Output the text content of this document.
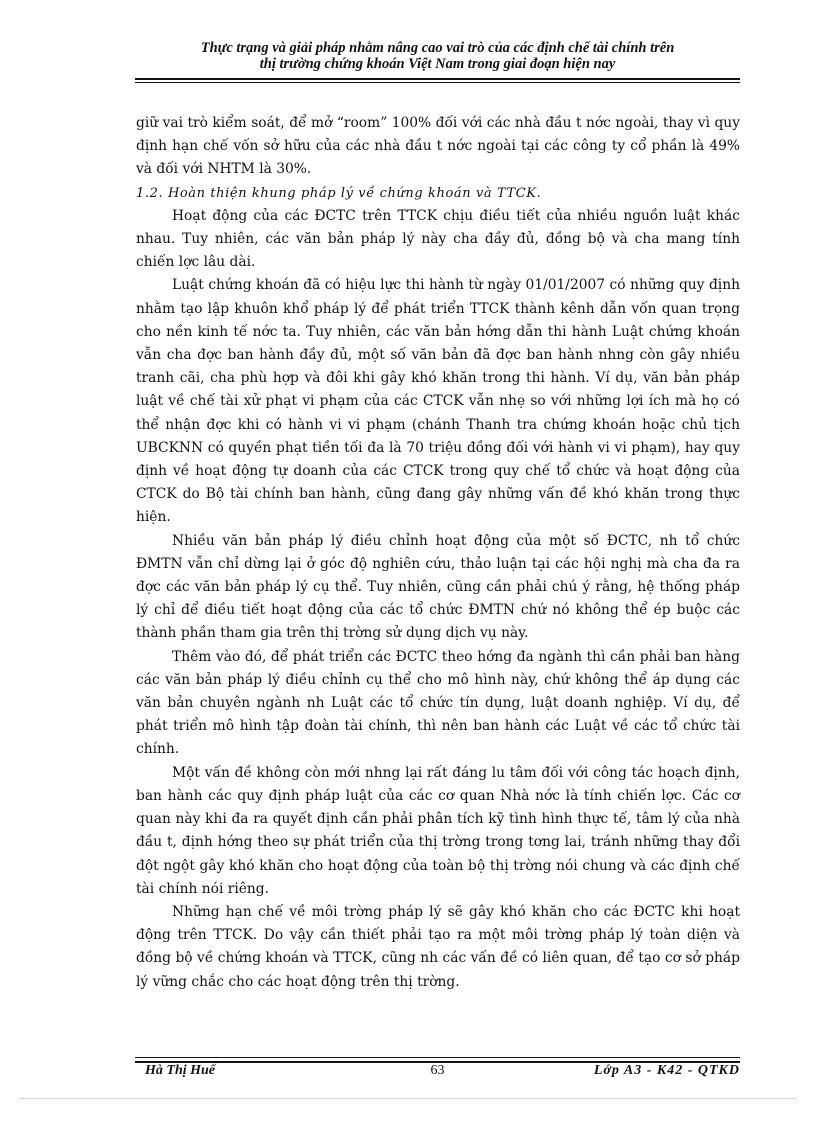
Thực trạng và giải pháp nhằm nâng cao vai trò của các định chế tài chính trên
thị trường chứng khoán Việt Nam trong giai đoạn hiện nay

giữ vai trò kiểm soát, để mở “room” 100% đối với các nhà đầu t nớc ngoài, thay vì quy định hạn chế vốn sở hữu của các nhà đầu t nớc ngoài tại các công ty cổ phần là 49% và đối với NHTM là 30%.

1.2. Hoàn thiện khung pháp lý về chứng khoán và TTCK.

Hoạt động của các ĐCTC trên TTCK chịu điều tiết của nhiều nguồn luật khác nhau. Tuy nhiên, các văn bản pháp lý này cha đầy đủ, đồng bộ và cha mang tính chiến lợc lâu dài.

Luật chứng khoán đã có hiệu lực thi hành từ ngày 01/01/2007 có những quy định nhằm tạo lập khuôn khổ pháp lý để phát triển TTCK thành kênh dẫn vốn quan trọng cho nền kinh tế nớc ta. Tuy nhiên, các văn bản hớng dẫn thi hành Luật chứng khoán vẫn cha đợc ban hành đầy đủ, một số văn bản đã đợc ban hành nhng còn gây nhiều tranh cãi, cha phù hợp và đôi khi gây khó khăn trong thi hành. Ví dụ, văn bản pháp luật về chế tài xử phạt vi phạm của các CTCK vẫn nhẹ so với những lợi ích mà họ có thể nhận đợc khi có hành vi vi phạm (chánh Thanh tra chứng khoán hoặc chủ tịch UBCKNN có quyền phạt tiền tối đa là 70 triệu đồng đối với hành vi vi phạm), hay quy định về hoạt động tự doanh của các CTCK trong quy chế tổ chức và hoạt động của CTCK do Bộ tài chính ban hành, cũng đang gây những vấn đề khó khăn trong thực hiện.

Nhiều văn bản pháp lý điều chỉnh hoạt động của một số ĐCTC, nh tổ chức ĐMTN vẫn chỉ dừng lại ở góc độ nghiên cứu, thảo luận tại các hội nghị mà cha đa ra đợc các văn bản pháp lý cụ thể. Tuy nhiên, cũng cần phải chú ý rằng, hệ thống pháp lý chỉ để điều tiết hoạt động của các tổ chức ĐMTN chứ nó không thể ép buộc các thành phần tham gia trên thị trờng sử dụng dịch vụ này.

Thêm vào đó, để phát triển các ĐCTC theo hớng đa ngành thì cần phải ban hàng các văn bản pháp lý điều chỉnh cụ thể cho mô hình này, chứ không thể áp dụng các văn bản chuyên ngành nh Luật các tổ chức tín dụng, luật doanh nghiệp. Ví dụ, để phát triển mô hình tập đoàn tài chính, thì nên ban hành các Luật về các tổ chức tài chính.

Một vấn đề không còn mới nhng lại rất đáng lu tâm đối với công tác hoạch định, ban hành các quy định pháp luật của các cơ quan Nhà nớc là tính chiến lợc. Các cơ quan này khi đa ra quyết định cần phải phân tích kỹ tình hình thực tế, tâm lý của nhà đầu t, định hớng theo sự phát triển của thị trờng trong tơng lai, tránh những thay đổi đột ngột gây khó khăn cho hoạt động của toàn bộ thị trờng nói chung và các định chế tài chính nói riêng.

Những hạn chế về môi trờng pháp lý sẽ gây khó khăn cho các ĐCTC khi hoạt động trên TTCK. Do vậy cần thiết phải tạo ra một môi trờng pháp lý toàn diện và đồng bộ về chứng khoán và TTCK, cũng nh các vấn đề có liên quan, để tạo cơ sở pháp lý vững chắc cho các hoạt động trên thị trờng.

Hà Thị Huế	63	Lớp A3 - K42 - QTKD
